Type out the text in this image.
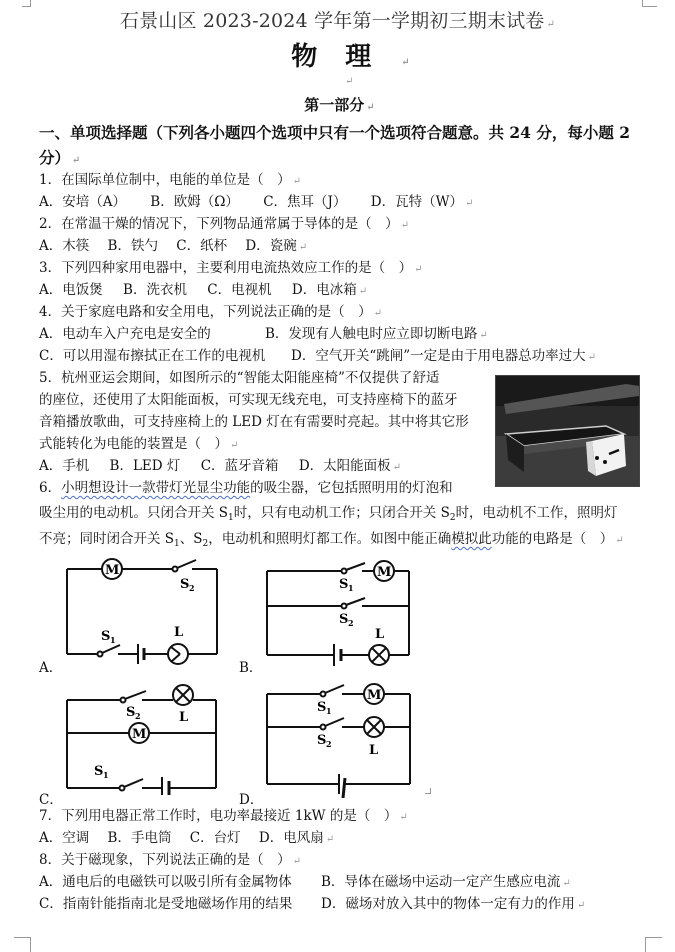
石景山区 2023-2024 学年第一学期初三期末试卷 ↵
物理 ↵
↵
第一部分 ↵
一、单项选择题（下列各小题四个选项中只有一个选项符合题意。共 24 分，每小题 2
分） ↵
1．在国际单位制中，电能的单位是（　） ↵
A．安培（A） B．欧姆（Ω） C．焦耳（J） D．瓦特（W） ↵
2．在常温干燥的情况下，下列物品通常属于导体的是（　） ↵
A．木筷 B．铁勺 C．纸杯 D．瓷碗 ↵
3．下列四种家用电器中，主要利用电流热效应工作的是（　） ↵
A．电饭煲 B．洗衣机 C．电视机 D．电冰箱 ↵
4．关于家庭电路和安全用电，下列说法正确的是（　） ↵
A．电动车入户充电是安全的	B．发现有人触电时应立即切断电路 ↵
C．可以用湿布擦拭正在工作的电视机 D．空气开关“跳闸”一定是由于用电器总功率过大 ↵
5．杭州亚运会期间，如图所示的“智能太阳能座椅”不仅提供了舒适
的座位，还使用了太阳能面板，可实现无线充电，可支持座椅下的蓝牙
音箱播放歌曲，可支持座椅上的 LED 灯在有需要时亮起。其中将其它形
式能转化为电能的装置是（　） ↵
A．手机 B．LED 灯 C．蓝牙音箱 D．太阳能面板 ↵
6．小明想设计一款带灯光显尘功能的吸尘器，它包括照明用的灯泡和
吸尘用的电动机。只闭合开关 $S_1$时，只有电动机工作；只闭合开关 $S_2$时，电动机不工作，照明灯
不亮；同时闭合开关 $S_1$、$S_2$，电动机和照明灯都工作。如图中能正确模拟此功能的电路是（　） ↵
A．
M
S 2
S 1	L
B．
M
S 1
S 2
L
C．
M
S 2	L
S 1
D．
M
S 1
S 2	L
7．下列用电器正常工作时，电功率最接近 1kW 的是（　） ↵
A．空调 B．手电筒 C．台灯 D．电风扇 ↵
8．关于磁现象，下列说法正确的是（　） ↵
A．通电后的电磁铁可以吸引所有金属物体 B．导体在磁场中运动一定产生感应电流 ↵
C．指南针能指南北是受地磁场作用的结果 D．磁场对放入其中的物体一定有力的作用 ↵
